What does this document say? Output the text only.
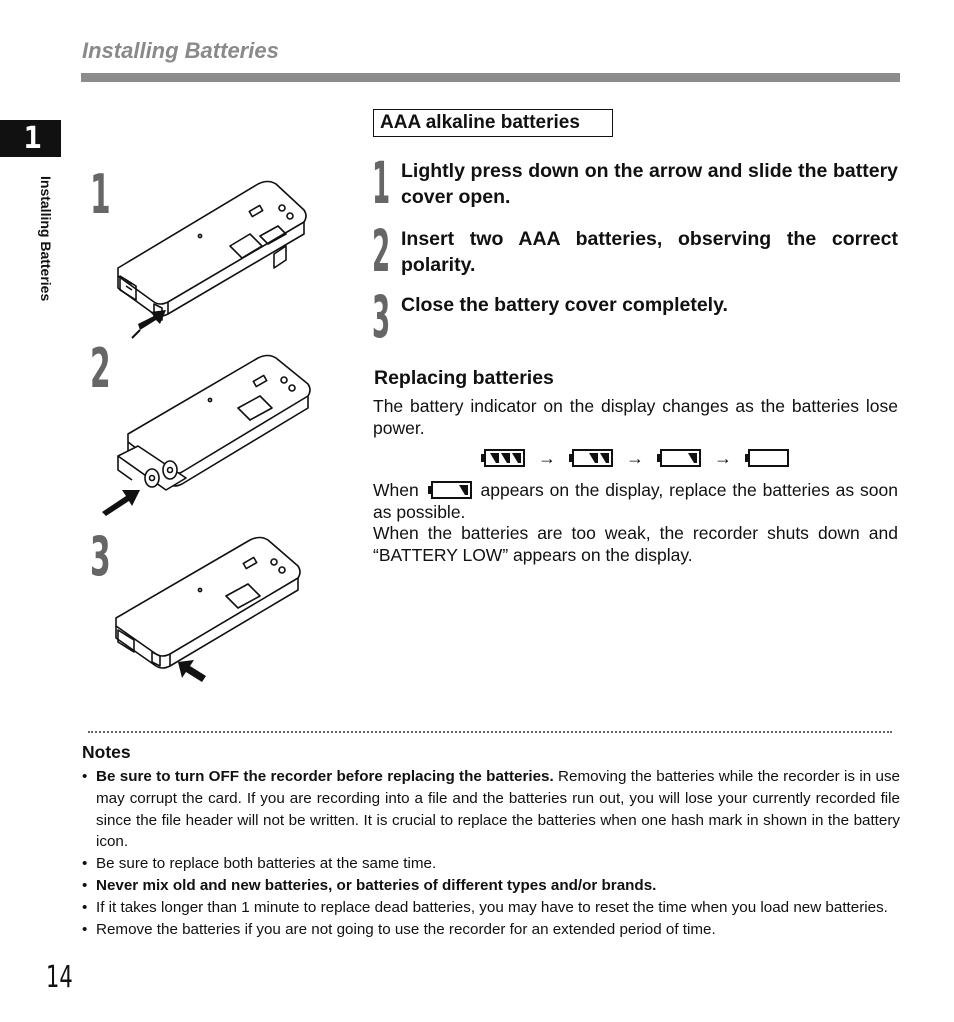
Installing Batteries
1
Installing Batteries 1
2
3
AAA alkaline batteries
1 Lightly press down on the arrow and slide the battery cover open.
2 Insert two AAA batteries, observing the correct polarity.
3 Close the battery cover completely.
Replacing batteries
The battery indicator on the display changes as the batteries lose power.
→	→	→
When	appears on the display, replace the batteries as soon as possible.
When the batteries are too weak, the recorder shuts down and “BATTERY LOW” appears on the display.
Notes
• Be sure to turn OFF the recorder before replacing the batteries. Removing the batteries while the recorder is in use may corrupt the card. If you are recording into a file and the batteries run out, you will lose your currently recorded file since the file header will not be written. It is crucial to replace the batteries when one hash mark in shown in the battery icon.
• Be sure to replace both batteries at the same time.
• Never mix old and new batteries, or batteries of different types and/or brands.
• If it takes longer than 1 minute to replace dead batteries, you may have to reset the time when you load new batteries.
• Remove the batteries if you are not going to use the recorder for an extended period of time.
14
